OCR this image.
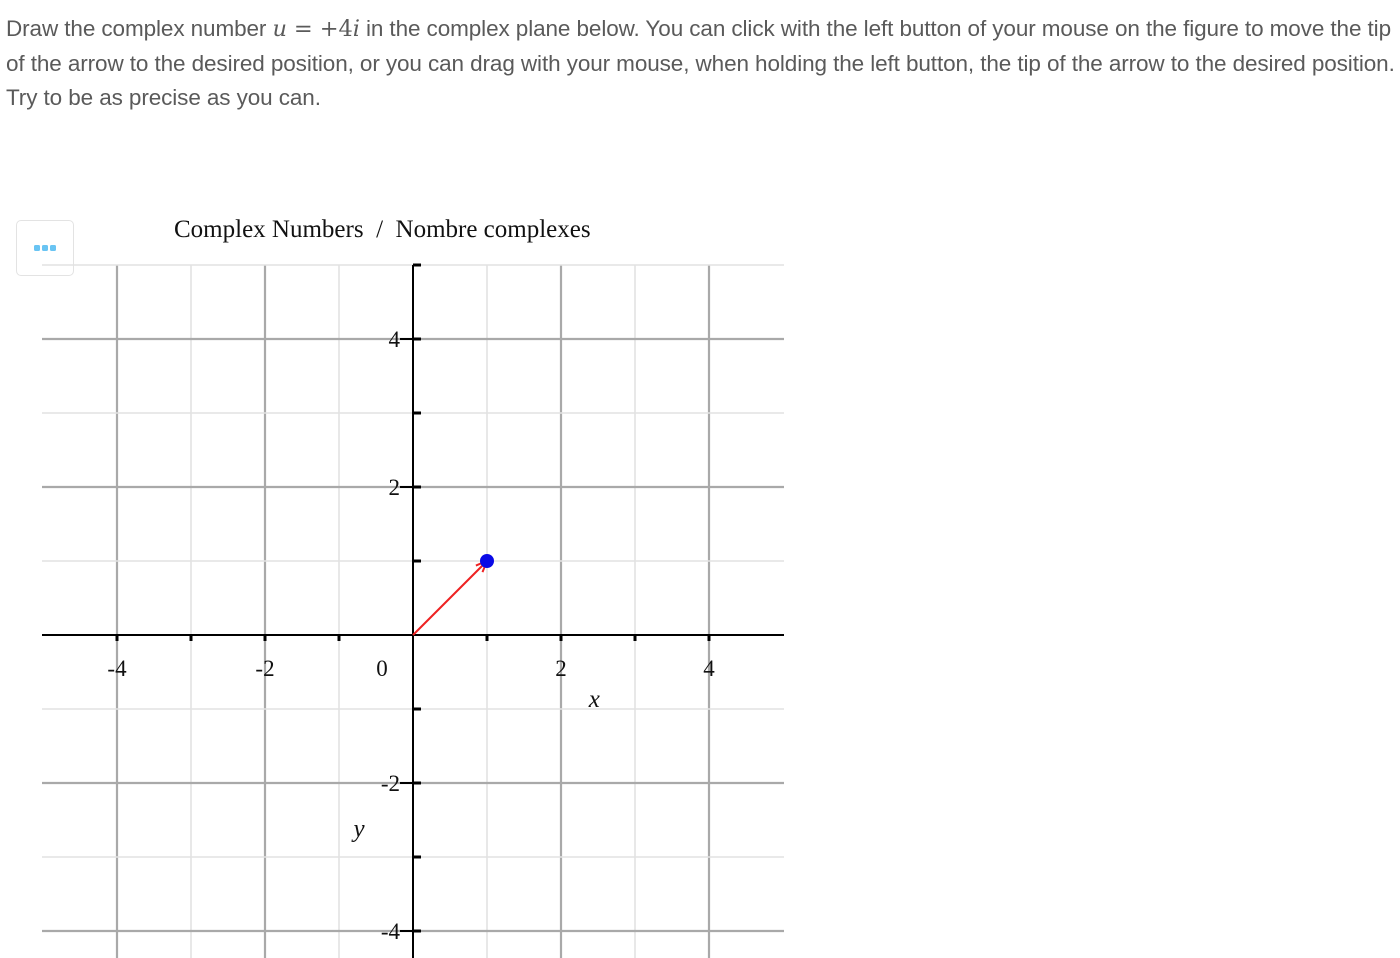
Draw the complex number u = +4i in the complex plane below. You can click with the left button of your mouse on the figure to move the tip of the arrow to the desired position, or you can drag with your mouse, when holding the left button, the tip of the arrow to the desired position. Try to be as precise as you can.

Complex Numbers  /  Nombre complexes
-4	-2	2	4
0
4
2
-2
-4
x
y
